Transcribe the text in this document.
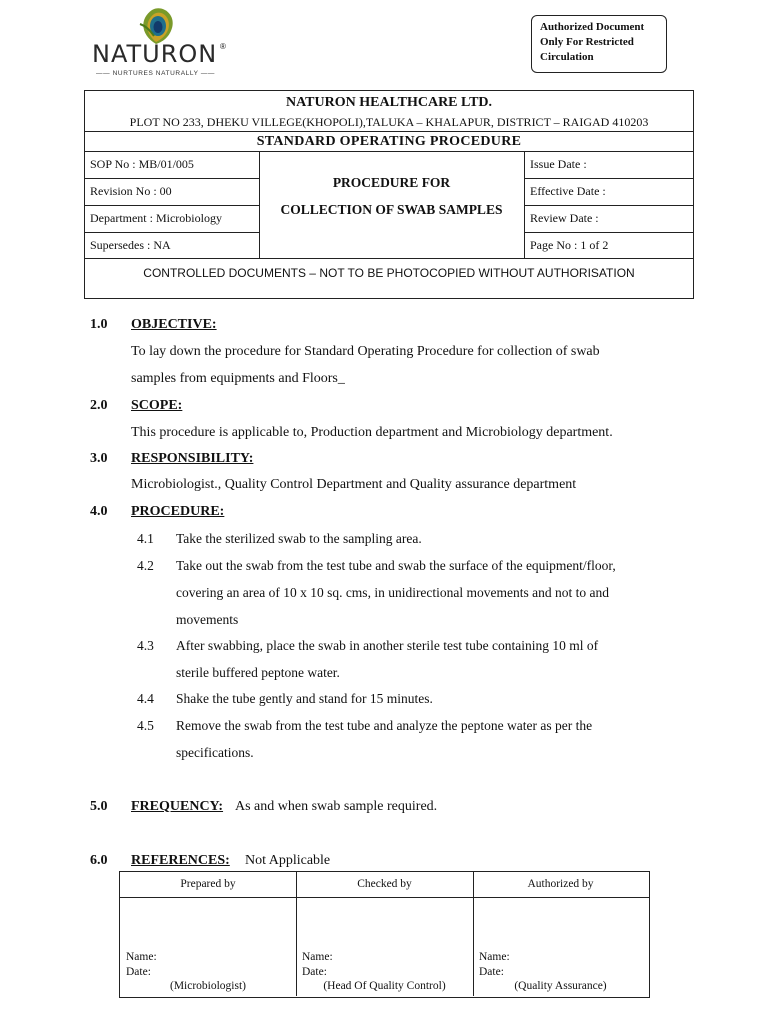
NATURON ®
—— NURTURES NATURALLY ——
Authorized Document
Only For Restricted
Circulation
NATURON HEALTHCARE LTD.
PLOT NO 233, DHEKU VILLEGE(KHOPOLI),TALUKA – KHALAPUR, DISTRICT – RAIGAD 410203
STANDARD OPERATING PROCEDURE
SOP No : MB/01/005
Revision No : 00
Department : Microbiology
Supersedes : NA
PROCEDURE FOR
COLLECTION OF SWAB SAMPLES
Issue Date :
Effective Date :
Review Date :
Page No : 1 of 2
CONTROLLED DOCUMENTS – NOT TO BE PHOTOCOPIED WITHOUT AUTHORISATION
1.0 OBJECTIVE:
To lay down the procedure for Standard Operating Procedure for collection of swab
samples from equipments and Floors_
2.0 SCOPE:
This procedure is applicable to, Production department and Microbiology department.
3.0 RESPONSIBILITY:
Microbiologist., Quality Control Department and Quality assurance department
4.0 PROCEDURE:
4.1 Take the sterilized swab to the sampling area.
4.2 Take out the swab from the test tube and swab the surface of the equipment/floor,
covering an area of 10 x 10 sq. cms, in unidirectional movements and not to and
movements
4.3 After swabbing, place the swab in another sterile test tube containing 10 ml of
sterile buffered peptone water.
4.4 Shake the tube gently and stand for 15 minutes.
4.5 Remove the swab from the test tube and analyze the peptone water as per the
specifications.
5.0 FREQUENCY: As and when swab sample required.
6.0 REFERENCES: Not Applicable
Prepared by
Name:
Date:
(Microbiologist)
Checked by
Name:
Date:
(Head Of Quality Control)
Authorized by
Name:
Date:
(Quality Assurance)
